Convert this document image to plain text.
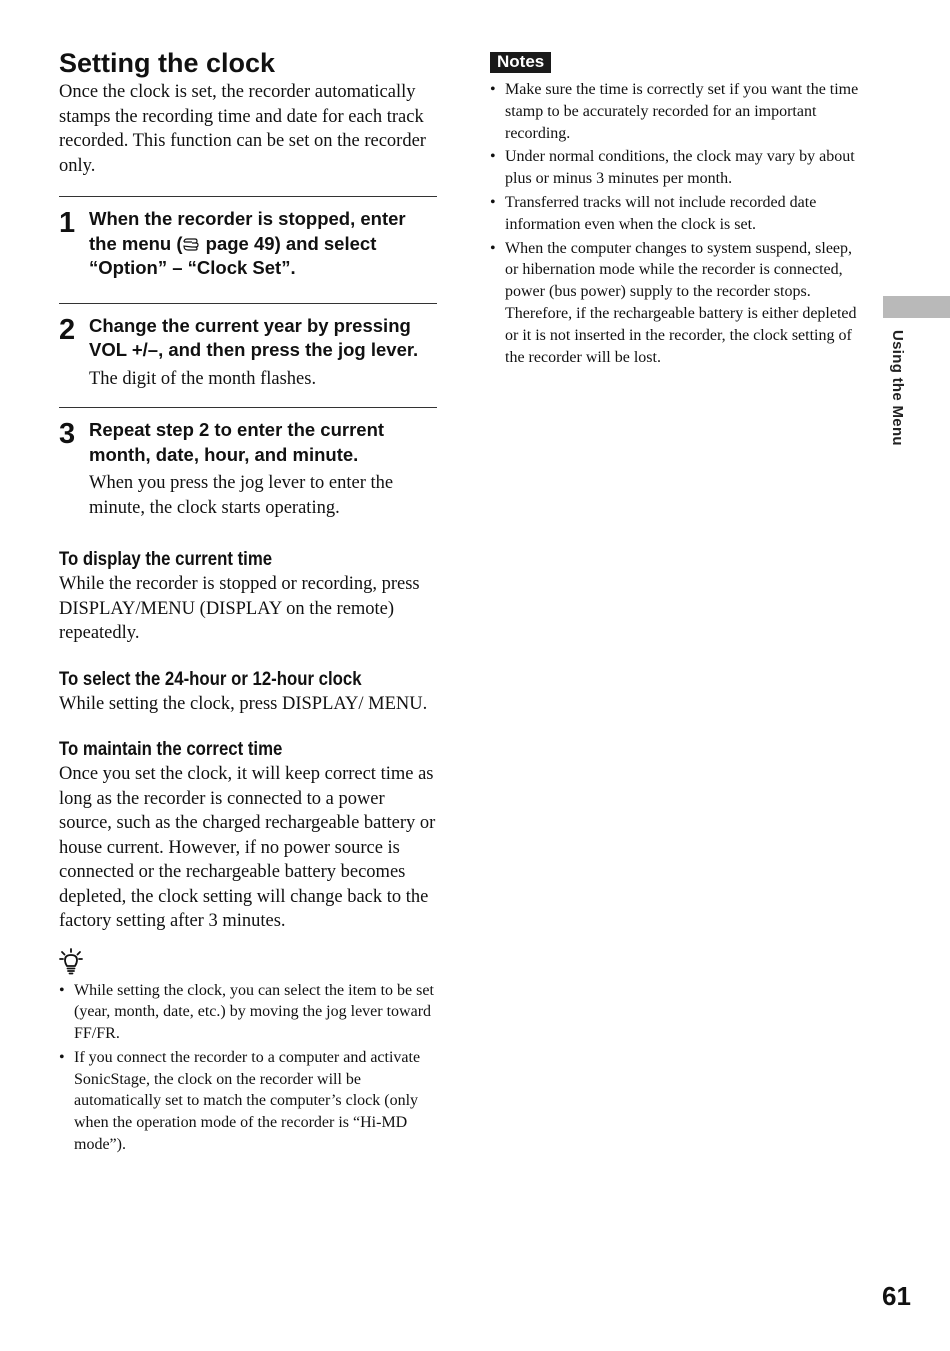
Setting the clock

Once the clock is set, the recorder automatically stamps the recording time and date for each track recorded. This function can be set on the recorder only.

1 When the recorder is stopped, enter the menu ( page 49) and select “Option” – “Clock Set”.

2 Change the current year by pressing VOL +/–, and then press the jog lever.

The digit of the month flashes.

3 Repeat step 2 to enter the current month, date, hour, and minute.

When you press the jog lever to enter the minute, the clock starts operating.

To display the current time

While the recorder is stopped or recording, press DISPLAY/MENU (DISPLAY on the remote) repeatedly.

To select the 24-hour or 12-hour clock

While setting the clock, press DISPLAY/ MENU.

To maintain the correct time

Once you set the clock, it will keep correct time as long as the recorder is connected to a power source, such as the charged rechargeable battery or house current. However, if no power source is connected or the rechargeable battery becomes depleted, the clock setting will change back to the factory setting after 3 minutes.

• While setting the clock, you can select the item to be set (year, month, date, etc.) by moving the jog lever toward FF/FR.
• If you connect the recorder to a computer and activate SonicStage, the clock on the recorder will be automatically set to match the computer’s clock (only when the operation mode of the recorder is “Hi-MD mode”).
Notes
• Make sure the time is correctly set if you want the time stamp to be accurately recorded for an important recording.
• Under normal conditions, the clock may vary by about plus or minus 3 minutes per month.
• Transferred tracks will not include recorded date information even when the clock is set.
• When the computer changes to system suspend, sleep, or hibernation mode while the recorder is connected, power (bus power) supply to the recorder stops. Therefore, if the rechargeable battery is either depleted or it is not inserted in the recorder, the clock setting of the recorder will be lost.	Using the Menu
61
